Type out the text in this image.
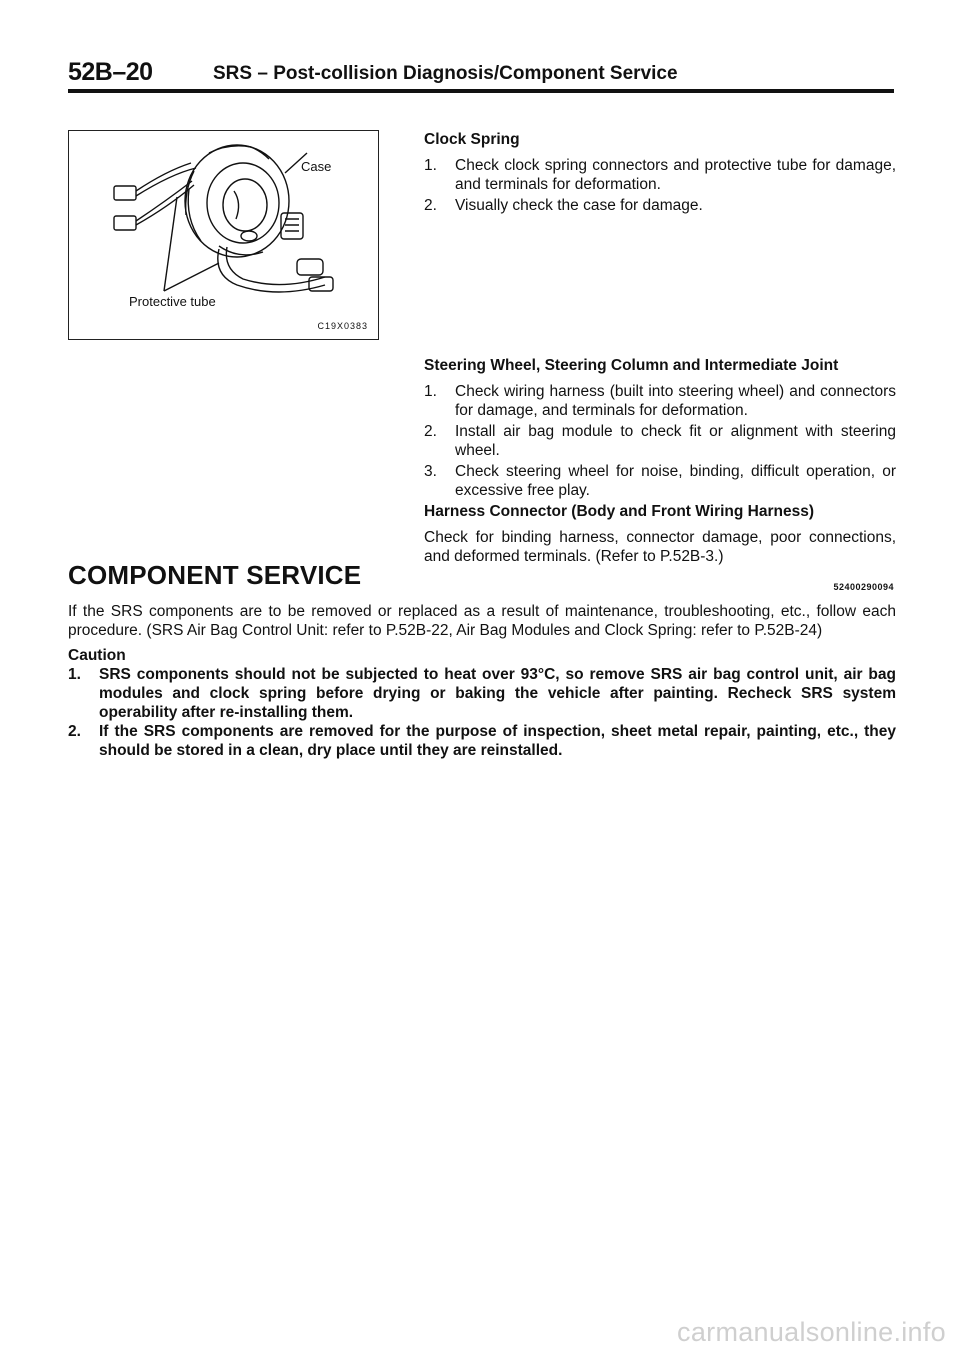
52B–20	SRS – Post-collision Diagnosis/Component Service
Case
Protective tube
C19X0383
Clock Spring
1. Check clock spring connectors and protective tube for damage, and terminals for deformation.
2. Visually check the case for damage.
Steering Wheel, Steering Column and Intermediate Joint
1. Check wiring harness (built into steering wheel) and connectors for damage, and terminals for deformation.
2. Install air bag module to check fit or alignment with steering wheel.
3. Check steering wheel for noise, binding, difficult operation, or excessive free play.
Harness Connector (Body and Front Wiring Harness)

Check for binding harness, connector damage, poor connections, and deformed terminals. (Refer to P.52B-3.)

COMPONENT SERVICE	52400290094

If the SRS components are to be removed or replaced as a result of maintenance, troubleshooting, etc., follow each procedure. (SRS Air Bag Control Unit: refer to P.52B-22, Air Bag Modules and Clock Spring: refer to P.52B-24)

Caution

1. SRS components should not be subjected to heat over 93°C, so remove SRS air bag control unit, air bag modules and clock spring before drying or baking the vehicle after painting. Recheck SRS system operability after re-installing them.
2. If the SRS components are removed for the purpose of inspection, sheet metal repair, painting, etc., they should be stored in a clean, dry place until they are reinstalled.
carmanualsonline.info
